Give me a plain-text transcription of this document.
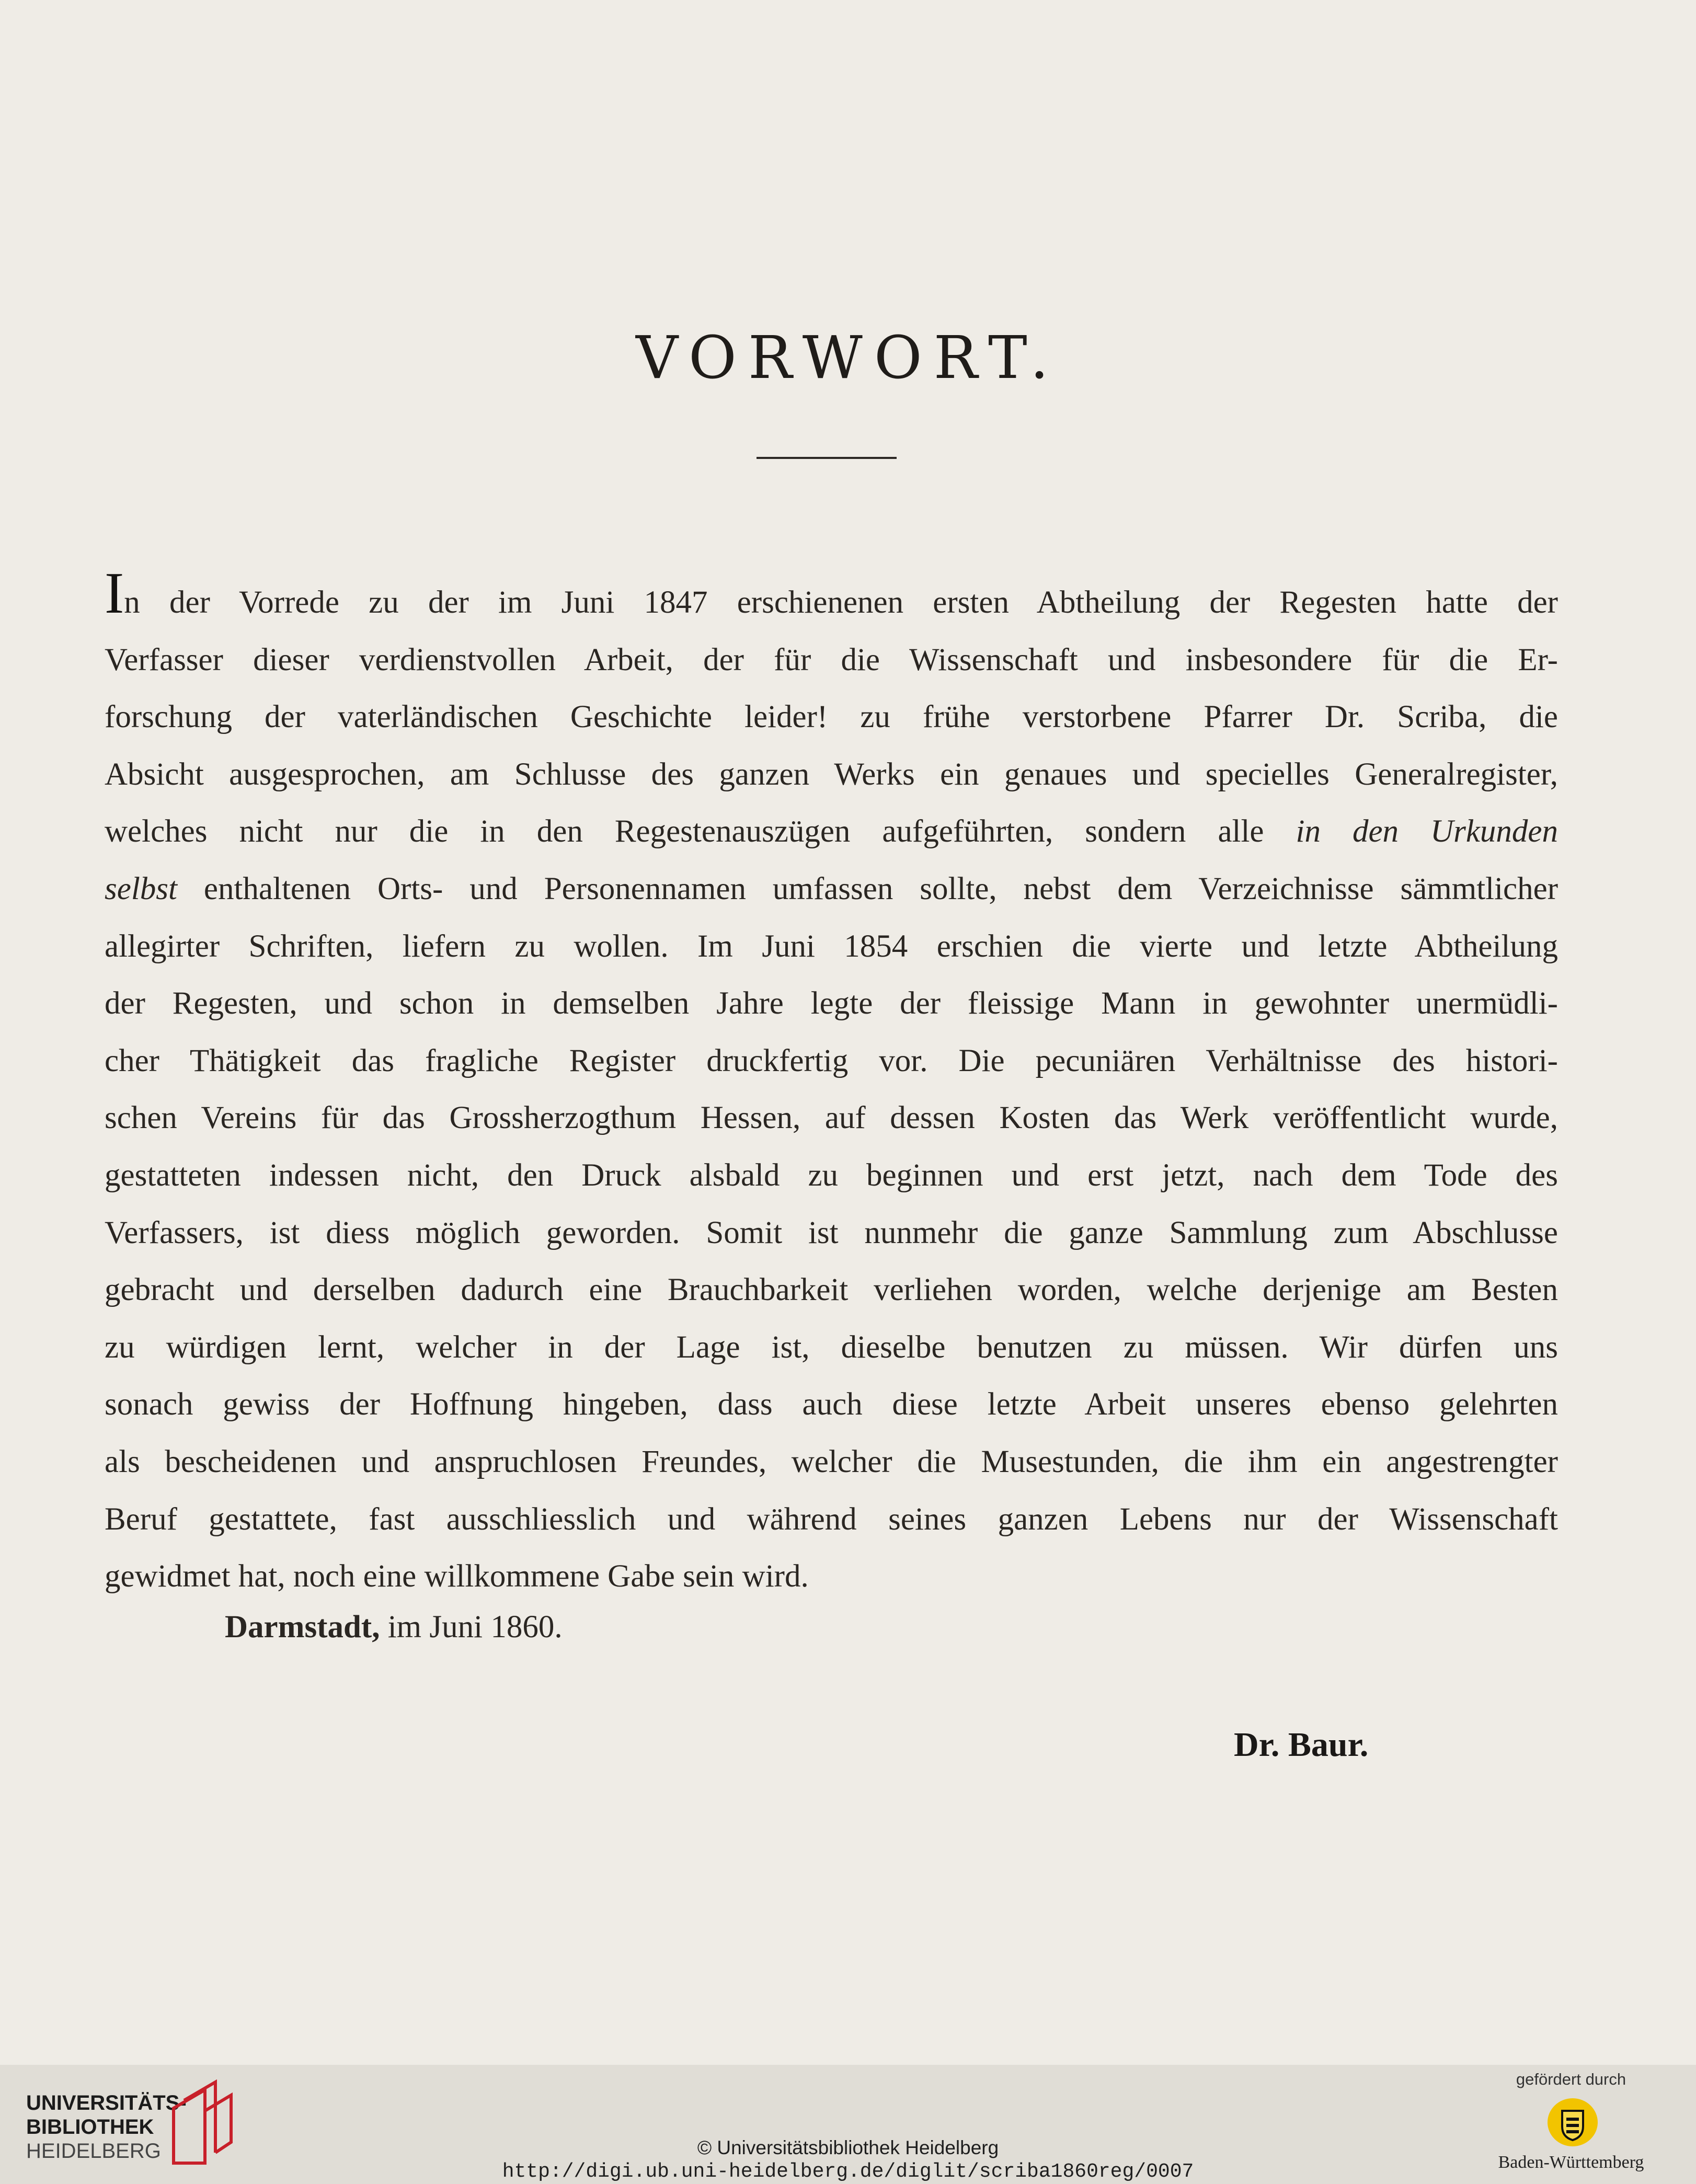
VORWORT.
In der Vorrede zu der im Juni 1847 erschienenen ersten Abtheilung der Regesten hatte der
Verfasser dieser verdienstvollen Arbeit, der für die Wissenschaft und insbesondere für die Er-
forschung der vaterländischen Geschichte leider! zu frühe verstorbene Pfarrer Dr. Scriba, die
Absicht ausgesprochen, am Schlusse des ganzen Werks ein genaues und specielles Generalregister,
welches nicht nur die in den Regestenauszügen aufgeführten, sondern alle in den Urkunden
selbst enthaltenen Orts- und Personennamen umfassen sollte, nebst dem Verzeichnisse sämmtlicher
allegirter Schriften, liefern zu wollen. Im Juni 1854 erschien die vierte und letzte Abtheilung
der Regesten, und schon in demselben Jahre legte der fleissige Mann in gewohnter unermüdli-
cher Thätigkeit das fragliche Register druckfertig vor. Die pecuniären Verhältnisse des histori-
schen Vereins für das Grossherzogthum Hessen, auf dessen Kosten das Werk veröffentlicht wurde,
gestatteten indessen nicht, den Druck alsbald zu beginnen und erst jetzt, nach dem Tode des
Verfassers, ist diess möglich geworden. Somit ist nunmehr die ganze Sammlung zum Abschlusse
gebracht und derselben dadurch eine Brauchbarkeit verliehen worden, welche derjenige am Besten
zu würdigen lernt, welcher in der Lage ist, dieselbe benutzen zu müssen. Wir dürfen uns
sonach gewiss der Hoffnung hingeben, dass auch diese letzte Arbeit unseres ebenso gelehrten
als bescheidenen und anspruchlosen Freundes, welcher die Musestunden, die ihm ein angestrengter
Beruf gestattete, fast ausschliesslich und während seines ganzen Lebens nur der Wissenschaft
gewidmet hat, noch eine willkommene Gabe sein wird.
Darmstadt, im Juni 1860.
Dr. Baur.
UNIVERSITÄTS-
BIBLIOTHEK
HEIDELBERG	© Universitätsbibliothek Heidelberg
http://digi.ub.uni-heidelberg.de/diglit/scriba1860reg/0007
gefördert durch
Baden-Württemberg
